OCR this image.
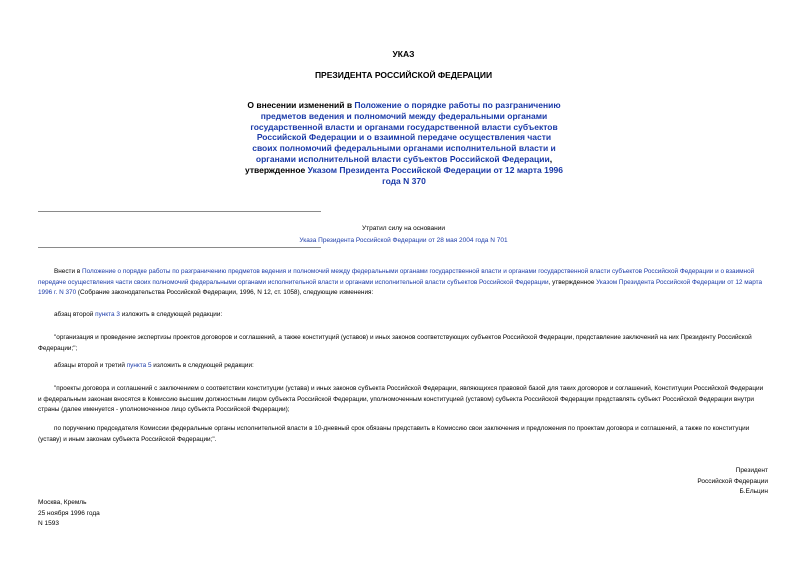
УКАЗ
ПРЕЗИДЕНТА РОССИЙСКОЙ ФЕДЕРАЦИИ
О внесении изменений в Положение о порядке работы по разграничению предметов ведения и полномочий между федеральными органами государственной власти и органами государственной власти субъектов Российской Федерации и о взаимной передаче осуществления части своих полномочий федеральными органами исполнительной власти и органами исполнительной власти субъектов Российской Федерации, утвержденное Указом Президента Российской Федерации от 12 марта 1996 года N 370
Утратил силу на основании
Указа Президента Российской Федерации от 28 мая 2004 года N 701
Внести в Положение о порядке работы по разграничению предметов ведения и полномочий между федеральными органами государственной власти и органами государственной власти субъектов Российской Федерации и о взаимной передаче осуществления части своих полномочий федеральными органами исполнительной власти и органами исполнительной власти субъектов Российской Федерации, утвержденное Указом Президента Российской Федерации от 12 марта 1996 г. N 370 (Собрание законодательства Российской Федерации, 1996, N 12, ст. 1058), следующие изменения:
абзац второй пункта 3 изложить в следующей редакции:
"организация и проведение экспертизы проектов договоров и соглашений, а также конституций (уставов) и иных законов соответствующих субъектов Российской Федерации, представление заключений на них Президенту Российской Федерации;";
абзацы второй и третий пункта 5 изложить в следующей редакции:
"проекты договора и соглашений с заключением о соответствии конституции (устава) и иных законов субъекта Российской Федерации, являющихся правовой базой для таких договоров и соглашений, Конституции Российской Федерации и федеральным законам вносятся в Комиссию высшим должностным лицом субъекта Российской Федерации, уполномоченным конституцией (уставом) субъекта Российской Федерации представлять субъект Российской Федерации внутри страны (далее именуется - уполномоченное лицо субъекта Российской Федерации);
по поручению председателя Комиссии федеральные органы исполнительной власти в 10-дневный срок обязаны представить в Комиссию свои заключения и предложения по проектам договора и соглашений, а также по конституции (уставу) и иным законам субъекта Российской Федерации;".
Президент
Российской Федерации
Б.Ельцин
Москва, Кремль
25 ноября 1996 года
N 1593
